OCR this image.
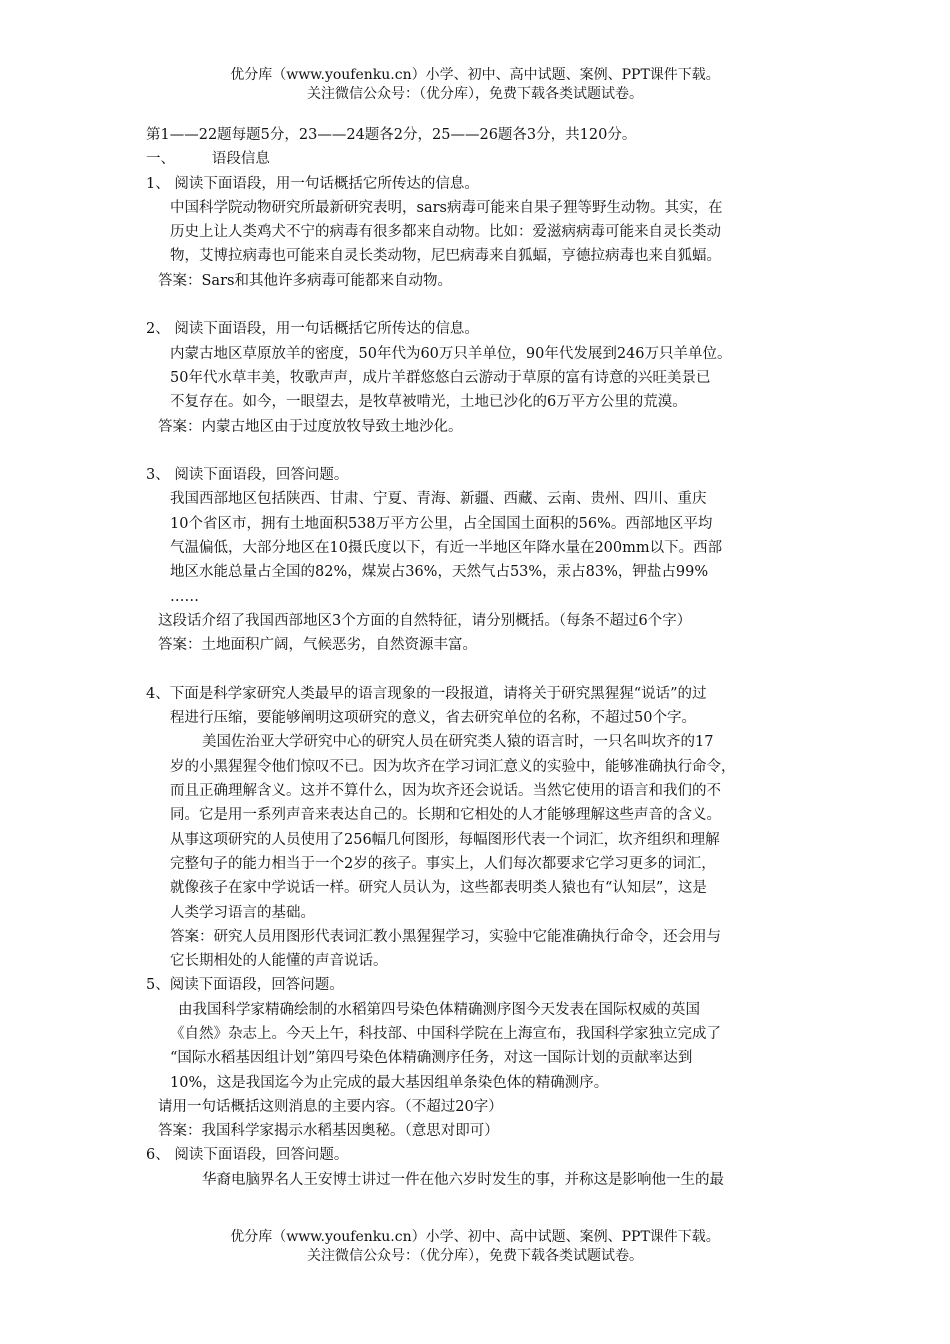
优分库（www.youfenku.cn）小学、初中、高中试题、案例、PPT课件下载。
关注微信公众号：（优分库），免费下载各类试题试卷。
第1——22题每题5分，23——24题各2分，25——26题各3分，共120分。
一、        语段信息
1、 阅读下面语段，用一句话概括它所传达的信息。
中国科学院动物研究所最新研究表明，sars病毒可能来自果子狸等野生动物。其实，在
历史上让人类鸡犬不宁的病毒有很多都来自动物。比如：爱滋病病毒可能来自灵长类动
物，艾博拉病毒也可能来自灵长类动物，尼巴病毒来自狐蝠，亨德拉病毒也来自狐蝠。
答案：Sars和其他许多病毒可能都来自动物。
2、 阅读下面语段，用一句话概括它所传达的信息。
内蒙古地区草原放羊的密度，50年代为60万只羊单位，90年代发展到246万只羊单位。
50年代水草丰美，牧歌声声，成片羊群悠悠白云游动于草原的富有诗意的兴旺美景已
不复存在。如今，一眼望去，是牧草被啃光，土地已沙化的6万平方公里的荒漠。
答案：内蒙古地区由于过度放牧导致土地沙化。
3、 阅读下面语段，回答问题。
我国西部地区包括陕西、甘肃、宁夏、青海、新疆、西藏、云南、贵州、四川、重庆
10个省区市，拥有土地面积538万平方公里，占全国国土面积的56%。西部地区平均
气温偏低，大部分地区在10摄氏度以下，有近一半地区年降水量在200mm以下。西部
地区水能总量占全国的82%，煤炭占36%，天然气占53%，汞占83%，钾盐占99%
……
这段话介绍了我国西部地区3个方面的自然特征，请分别概括。（每条不超过6个字）
答案：土地面积广阔，气候恶劣，自然资源丰富。
4、下面是科学家研究人类最早的语言现象的一段报道，请将关于研究黑猩猩“说话”的过
程进行压缩，要能够阐明这项研究的意义，省去研究单位的名称，不超过50个字。
美国佐治亚大学研究中心的研究人员在研究类人猿的语言时，一只名叫坎齐的17
岁的小黑猩猩令他们惊叹不已。因为坎齐在学习词汇意义的实验中，能够准确执行命令，
而且正确理解含义。这并不算什么，因为坎齐还会说话。当然它使用的语言和我们的不
同。它是用一系列声音来表达自己的。长期和它相处的人才能够理解这些声音的含义。
从事这项研究的人员使用了256幅几何图形，每幅图形代表一个词汇，坎齐组织和理解
完整句子的能力相当于一个2岁的孩子。事实上，人们每次都要求它学习更多的词汇，
就像孩子在家中学说话一样。研究人员认为，这些都表明类人猿也有“认知层”，这是
人类学习语言的基础。
答案：研究人员用图形代表词汇教小黑猩猩学习，实验中它能准确执行命令，还会用与
它长期相处的人能懂的声音说话。
5、阅读下面语段，回答问题。
由我国科学家精确绘制的水稻第四号染色体精确测序图今天发表在国际权威的英国
《自然》杂志上。今天上午，科技部、中国科学院在上海宣布，我国科学家独立完成了
“国际水稻基因组计划”第四号染色体精确测序任务，对这一国际计划的贡献率达到
10%，这是我国迄今为止完成的最大基因组单条染色体的精确测序。
请用一句话概括这则消息的主要内容。（不超过20字）
答案：我国科学家揭示水稻基因奥秘。（意思对即可）
6、 阅读下面语段，回答问题。
华裔电脑界名人王安博士讲过一件在他六岁时发生的事，并称这是影响他一生的最
优分库（www.youfenku.cn）小学、初中、高中试题、案例、PPT课件下载。
关注微信公众号：（优分库），免费下载各类试题试卷。
